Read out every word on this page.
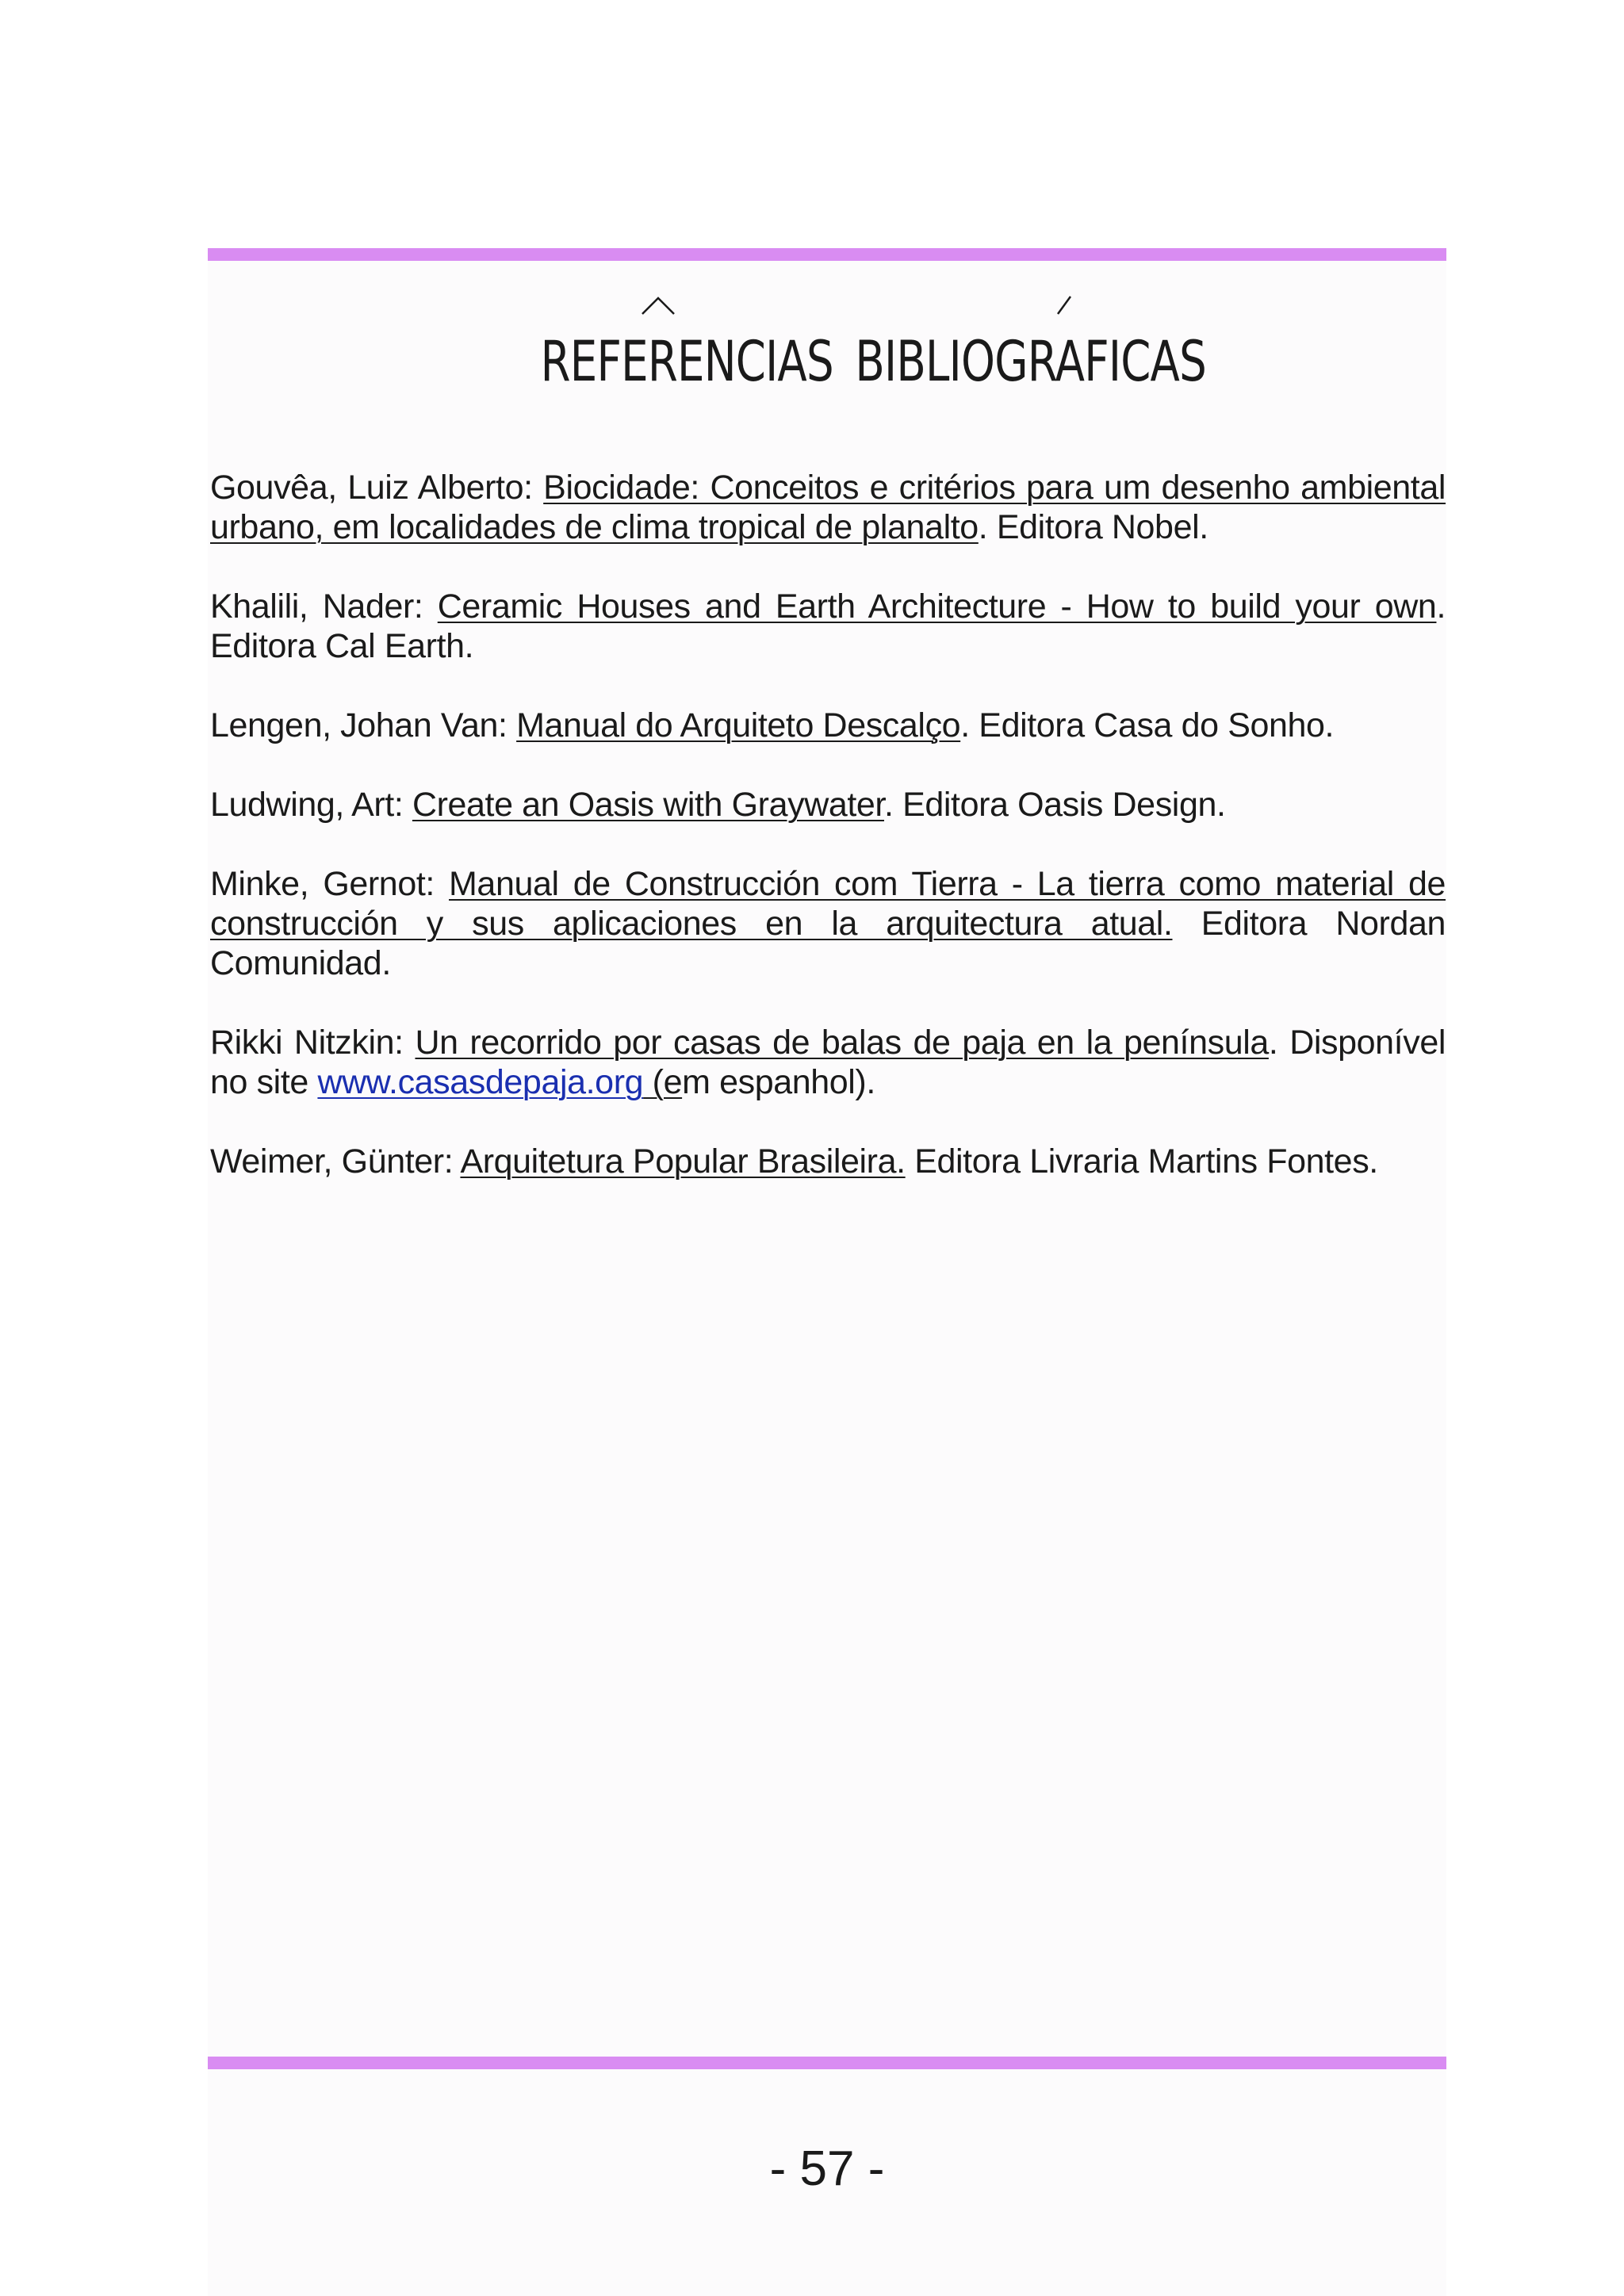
REFERENCIAS BIBLIOGRAFICAS

Gouvêa, Luiz Alberto: Biocidade: Conceitos e critérios para um desenho ambiental urbano, em localidades de clima tropical de planalto. Editora Nobel.

Khalili, Nader: Ceramic Houses and Earth Architecture - How to build your own. Editora Cal Earth.

Lengen, Johan Van: Manual do Arquiteto Descalço. Editora Casa do Sonho.

Ludwing, Art: Create an Oasis with Graywater. Editora Oasis Design.

Minke, Gernot: Manual de Construcción com Tierra - La tierra como material de construcción y sus aplicaciones en la arquitectura atual. Editora Nordan Comunidad.

Rikki Nitzkin: Un recorrido por casas de balas de paja en la península. Disponível no site www.casasdepaja.org (em espanhol).

Weimer, Günter: Arquitetura Popular Brasileira. Editora Livraria Martins Fontes.

- 57 -
